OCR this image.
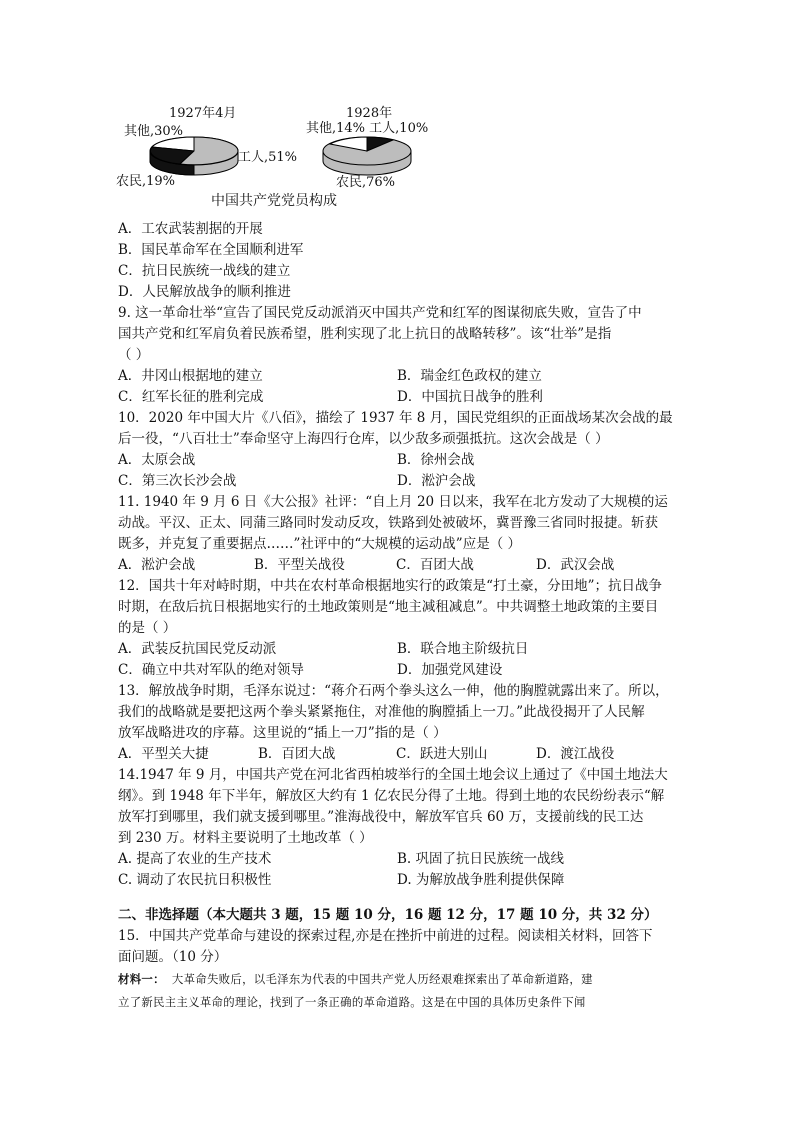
1927年4月
其他,30%
工人,51%
农民,19%
1928年
其他,14% 工人,10%
农民,76%
中国共产党党员构成
A．工农武装割据的开展
B．国民革命军在全国顺利进军
C．抗日民族统一战线的建立
D．人民解放战争的顺利推进
9. 这一革命壮举“宣告了国民党反动派消灭中国共产党和红军的图谋彻底失败，宣告了中
国共产党和红军肩负着民族希望，胜利实现了北上抗日的战略转移”。该“壮举”是指
（ ）
A．井冈山根据地的建立	B．瑞金红色政权的建立
C．红军长征的胜利完成	D．中国抗日战争的胜利
10．2020 年中国大片《八佰》，描绘了 1937 年 8 月，国民党组织的正面战场某次会战的最
后一役，“八百壮士”奉命坚守上海四行仓库，以少敌多顽强抵抗。这次会战是（ ）
A．太原会战	B．徐州会战
C．第三次长沙会战	D．淞沪会战
11. 1940 年 9 月 6 日《大公报》社评：“自上月 20 日以来，我军在北方发动了大规模的运
动战。平汉、正太、同蒲三路同时发动反攻，铁路到处被破坏，冀晋豫三省同时报捷。斩获
既多，并克复了重要据点……”社评中的“大规模的运动战”应是（ ）
A．淞沪会战	B．平型关战役	C．百团大战	D．武汉会战
12．国共十年对峙时期，中共在农村革命根据地实行的政策是“打土豪，分田地”；抗日战争
时期，在敌后抗日根据地实行的土地政策则是“地主减租减息”。中共调整土地政策的主要目
的是（ ）
A．武装反抗国民党反动派	B．联合地主阶级抗日
C．确立中共对军队的绝对领导	D．加强党风建设
13．解放战争时期，毛泽东说过：“蒋介石两个拳头这么一伸，他的胸膛就露出来了。所以，
我们的战略就是要把这两个拳头紧紧拖住，对准他的胸膛插上一刀。”此战役揭开了人民解
放军战略进攻的序幕。这里说的“插上一刀”指的是（ ）
A．平型关大捷	B．百团大战	C．跃进大别山	D．渡江战役
14.1947 年 9 月，中国共产党在河北省西柏坡举行的全国土地会议上通过了《中国土地法大
纲》。到 1948 年下半年，解放区大约有 1 亿农民分得了土地。得到土地的农民纷纷表示“解
放军打到哪里，我们就支援到哪里。”淮海战役中，解放军官兵 60 万，支援前线的民工达
到 230 万。材料主要说明了土地改革（ ）
A. 提高了农业的生产技术	B. 巩固了抗日民族统一战线
C. 调动了农民抗日积极性	D. 为解放战争胜利提供保障
二、非选择题（本大题共 3 题，15 题 10 分，16 题 12 分，17 题 10 分，共 32 分）
15．中国共产党革命与建设的探索过程,亦是在挫折中前进的过程。阅读相关材料，回答下
面问题。（10 分）
材料一： 大革命失败后，以毛泽东为代表的中国共产党人历经艰难探索出了革命新道路，建
立了新民主主义革命的理论，找到了一条正确的革命道路。这是在中国的具体历史条件下闻
